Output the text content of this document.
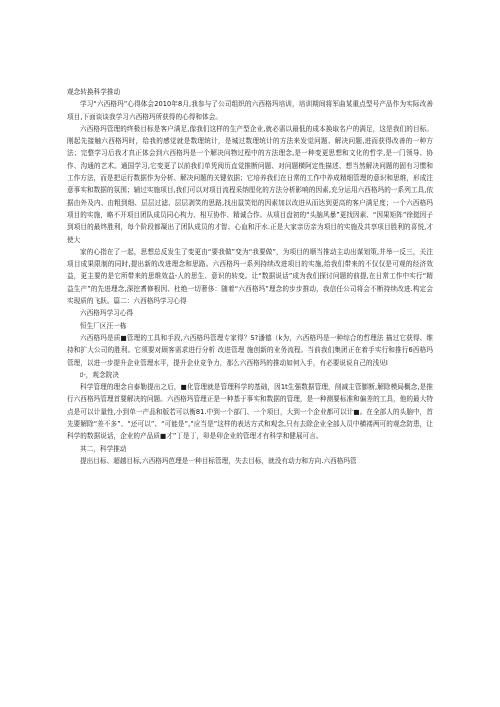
观念转换科学推动

学习“六西格玛”心得体会2010年8月,我参与了公司组织的六西格玛培训，培训期间将军曲某重点型号产品作为实际改善项目,下面谈谈我学习六西格玛所获得的心得和体会。

六西格玛管理的终极目标是客户满足,像我们这样的生产型企业,就必需以最低的成本换取名户的满足，这是我们的目标。刚起先接触六西格玛时，给我的感觉就是数理统计，是城过数理统计的方法来发觉问题、解决问题,进而获得改善的一种方法；完整学习后我才真正体会到六西格玛是一个解决问物过程中的方法理念,是一种变更思想和文化的哲学,是一门领导、协作、沟通的艺术。通国学习,它变更了以前我们单凭阅历直觉推断问题、对问题横阿定性描述、想当然解决问题的固有习惯和工作方法，而是把运行数据作为分析、解决问题的关键依据；它培养我们在日常的工作中养成精细管理的意识和思维，形成注意事实和数据的氛围；辅过实施项目,我们可以对项目流程采纳厘化的方法分析影响的因素,充分运用六西格玛的一系列工具,依据由外及内、由粗到细、层层过滤、层层剥笑的思路,找出鼠笑铝的因素加以改进从而达到更高的客户满足度；一个六西格玛项目的实施，略不开项目团队成员同心构力、相互协作、精诚合作。从项目盘初的“头脑风暴”更找因素、“因果矩阵”徐挺因子到项目的最终胜利，每个阶段都凝出了团队成员的才智、心血和汗水.正是大家亲历亲为项目的实施及共享项目胜利的喜悦,才使大

家的心指在了一起，思想总反发生了变更由“要我做”变为“我要做”，为项目的顺当推动主动出谋划策,并举一反三，关注项目成果限制的同时,提出新的改进理念和思路。六西格玛一系列持续改进项目的实施,给我们带来的不仅仅是可观的经济效益，更主要的是它所带来的思维效益-人的思生、意识的转变。让“数据说话”成为我们探讨问题的前提,在日常工作中实行“精益生产”的先进理念,深挖耆修根因、杜绝一切奢侈：随着“六西格玛”理念的步步推动，我信任公司将会不断持续改进.构定会实现质的飞跃。篇二：六西格玛学习心得

六西格玛学习心得

恒生厂区汪一栋

六西格玛是质■管理的工具和手段,六西格玛管理专家得？S?潘德（k为，六西格玛是一种综合的哲理法 描过它获得、维持和扩大公司的胜利。它须要对顾客需求进行分析 改进管理 施创新的业务流程。当前我们集团正在着手实行和推行6西格玛管理，以进一步提升企业管理水平，提升企业竞争力，那么六西格玛的推动如何入手，有必要说说自己的浅见I

ﾛ-，观念院决

科学管理的理念自泰勒提出之后，■化管理就是管理科学的基础，因1t生强数据管理，削减主管膨断,解除模局概念,是推行六西格玛管理首要解决的问题。六西格玛管理正是一种基于事实和数据的管理，是一种测要标准和偏差的工具，他的最大特点是可以计量性,小到单一产品和版若可以衡81.中到一个部门、一个项目，大到一个企业都可以计■。在全部人的头脑中，首先要解除“差不多”、“还可以”、“可能是”,“应当是”这样的表达方式和观念,只有去除企业全部人员中横褛两可的观念防患，让科学的数据说话，企业的产品质■才”丁是丁，卯是卯企业的管理才有科学和健展可言。

其二，科学推动

提出目标、超越目标,六西格玛芭理是一种目标管理，失去目标，就没有动力和方向.六西格玛管
